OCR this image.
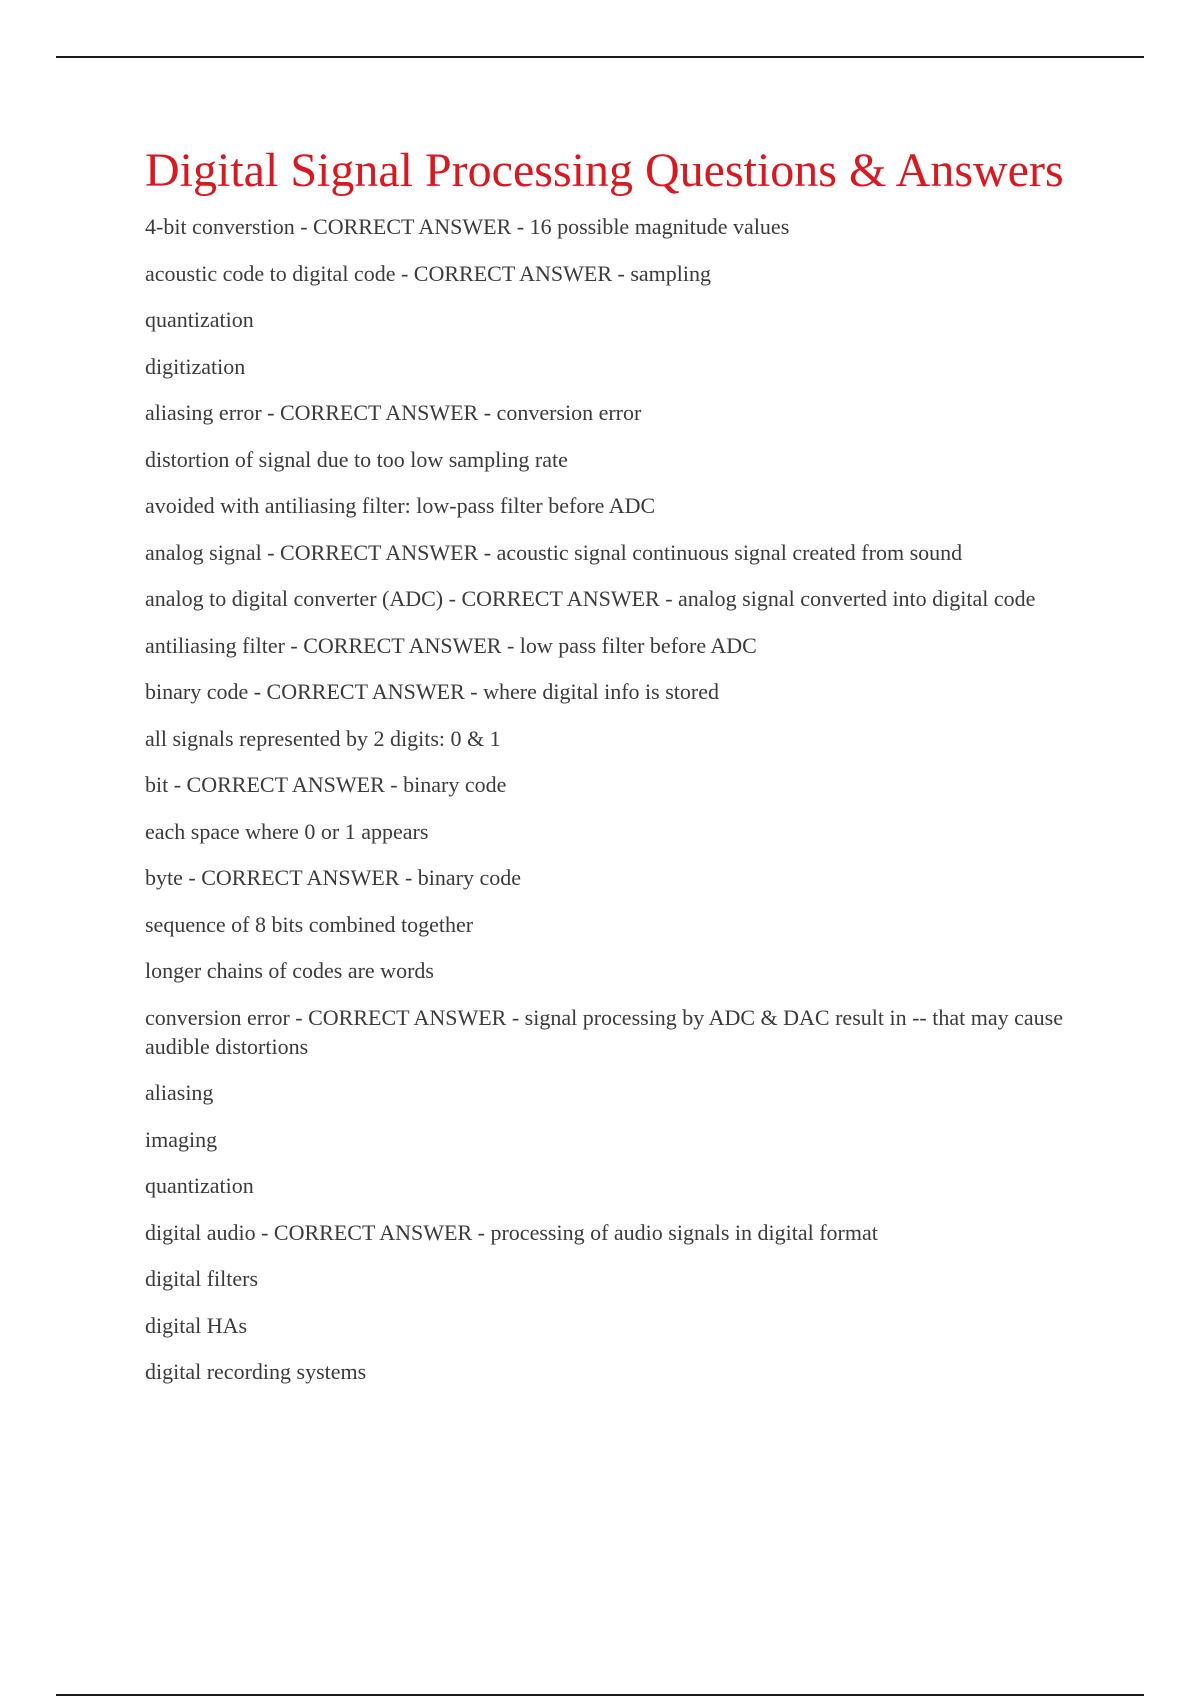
Digital Signal Processing Questions & Answers
4-bit converstion - CORRECT ANSWER - 16 possible magnitude values
acoustic code to digital code - CORRECT ANSWER - sampling
quantization
digitization
aliasing error - CORRECT ANSWER - conversion error
distortion of signal due to too low sampling rate
avoided with antiliasing filter: low-pass filter before ADC
analog signal - CORRECT ANSWER - acoustic signal continuous signal created from sound
analog to digital converter (ADC) - CORRECT ANSWER - analog signal converted into digital code
antiliasing filter - CORRECT ANSWER - low pass filter before ADC
binary code - CORRECT ANSWER - where digital info is stored
all signals represented by 2 digits: 0 & 1
bit - CORRECT ANSWER - binary code
each space where 0 or 1 appears
byte - CORRECT ANSWER - binary code
sequence of 8 bits combined together
longer chains of codes are words
conversion error - CORRECT ANSWER - signal processing by ADC & DAC result in -- that may cause audible distortions
aliasing
imaging
quantization
digital audio - CORRECT ANSWER - processing of audio signals in digital format
digital filters
digital HAs
digital recording systems
